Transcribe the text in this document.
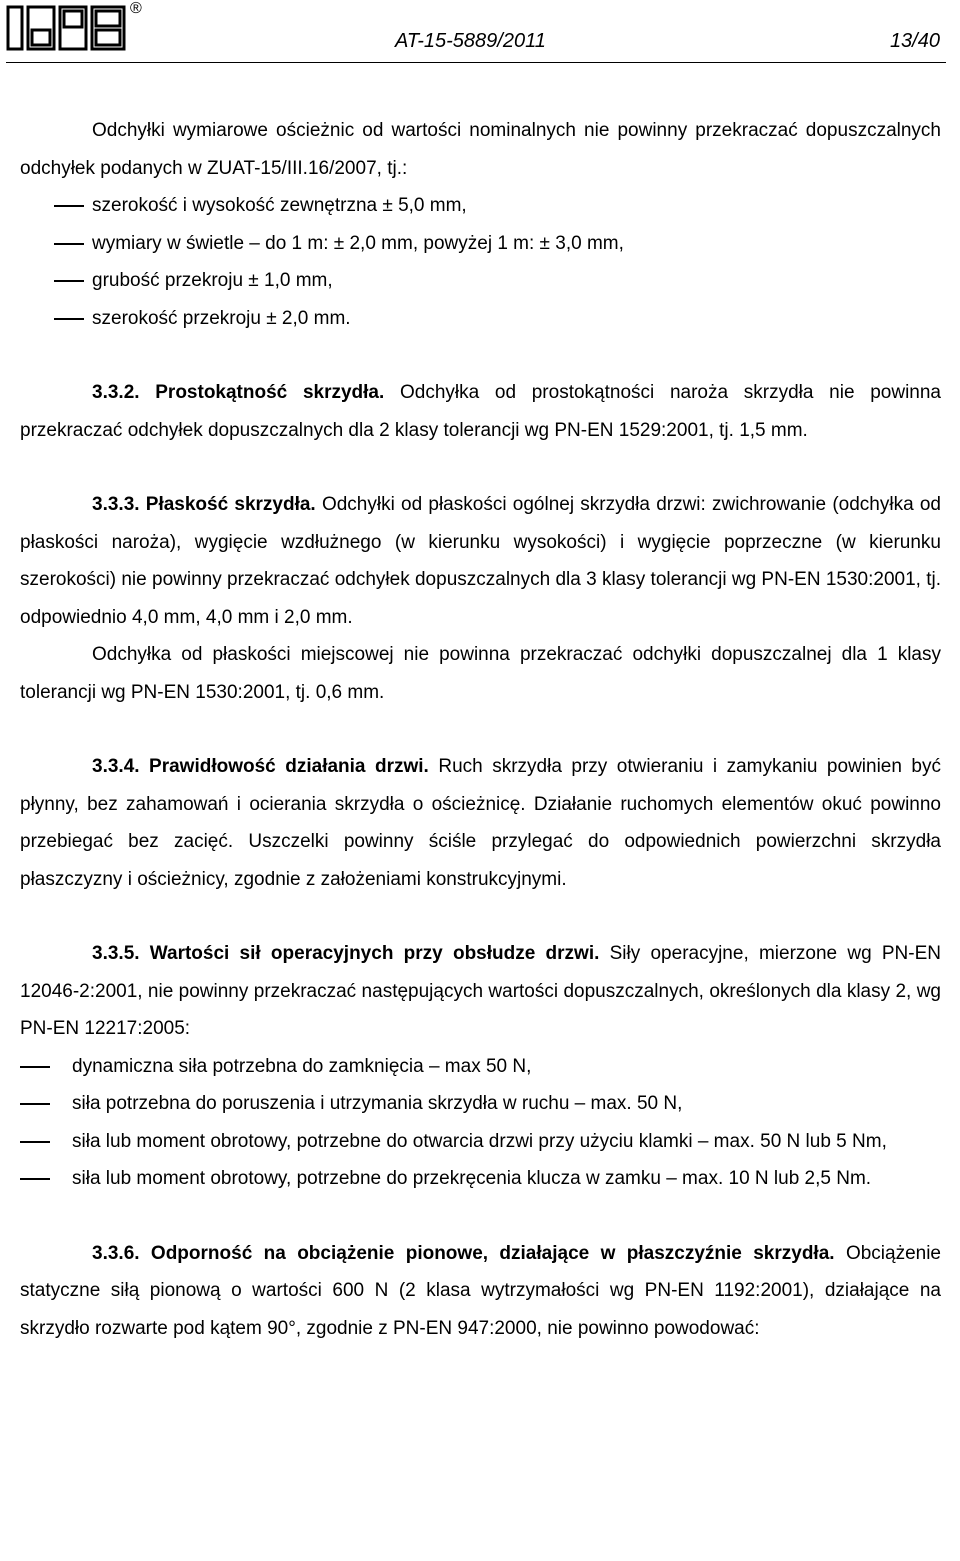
®
AT-15-5889/2011	13/40

Odchyłki wymiarowe ościeżnic od wartości nominalnych nie powinny przekraczać dopuszczalnych odchyłek podanych w ZUAT-15/III.16/2007, tj.:

szerokość i wysokość zewnętrzna ± 5,0 mm,

wymiary w świetle – do 1 m: ± 2,0 mm, powyżej 1 m: ± 3,0 mm,

grubość przekroju ± 1,0 mm,

szerokość przekroju ± 2,0 mm.

3.3.2. Prostokątność skrzydła. Odchyłka od prostokątności naroża skrzydła nie powinna przekraczać odchyłek dopuszczalnych dla 2 klasy tolerancji wg PN-EN 1529:2001, tj. 1,5 mm.

3.3.3. Płaskość skrzydła. Odchyłki od płaskości ogólnej skrzydła drzwi: zwichrowanie (odchyłka od płaskości naroża), wygięcie wzdłużnego (w kierunku wysokości) i wygięcie poprzeczne (w kierunku szerokości) nie powinny przekraczać odchyłek dopuszczalnych dla 3 klasy tolerancji wg PN-EN 1530:2001, tj. odpowiednio 4,0 mm, 4,0 mm i 2,0 mm.

Odchyłka od płaskości miejscowej nie powinna przekraczać odchyłki dopuszczalnej dla 1 klasy tolerancji wg PN-EN 1530:2001, tj. 0,6 mm.

3.3.4. Prawidłowość działania drzwi. Ruch skrzydła przy otwieraniu i zamykaniu powinien być płynny, bez zahamowań i ocierania skrzydła o ościeżnicę. Działanie ruchomych elementów okuć powinno przebiegać bez zacięć. Uszczelki powinny ściśle przylegać do odpowiednich powierzchni skrzydła płaszczyzny i ościeżnicy, zgodnie z założeniami konstrukcyjnymi.

3.3.5. Wartości sił operacyjnych przy obsłudze drzwi. Siły operacyjne, mierzone wg PN-EN 12046-2:2001, nie powinny przekraczać następujących wartości dopuszczalnych, określonych dla klasy 2, wg PN-EN 12217:2005:

dynamiczna siła potrzebna do zamknięcia – max 50 N,

siła potrzebna do poruszenia i utrzymania skrzydła w ruchu – max. 50 N,

siła lub moment obrotowy, potrzebne do otwarcia drzwi przy użyciu klamki – max. 50 N lub 5 Nm,

siła lub moment obrotowy, potrzebne do przekręcenia klucza w zamku – max. 10 N lub 2,5 Nm.

3.3.6. Odporność na obciążenie pionowe, działające w płaszczyźnie skrzydła. Obciążenie statyczne siłą pionową o wartości 600 N (2 klasa wytrzymałości wg PN-EN 1192:2001), działające na skrzydło rozwarte pod kątem 90°, zgodnie z PN-EN 947:2000, nie powinno powodować:
